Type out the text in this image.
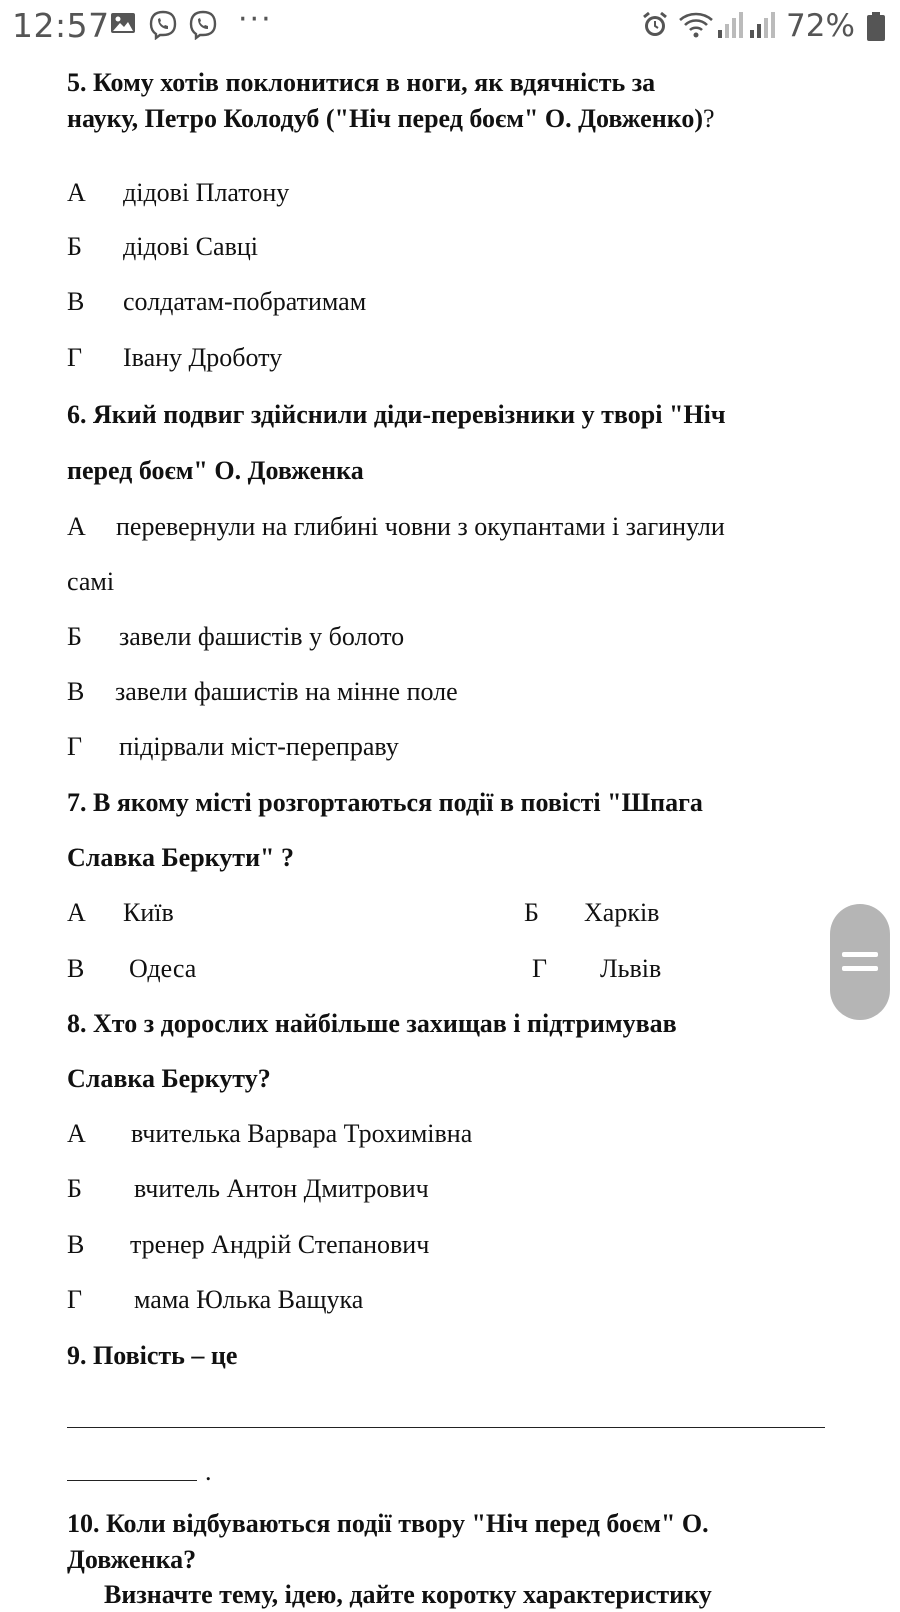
12:57	···	72%
5. Кому хотів поклонитися в ноги, як вдячність за
науку, Петро Колодуб ("Ніч перед боєм" О. Довженко)?
А дідові Платону
Б дідові Савці
В солдатам-побратимам
Г Івану Дроботу
6. Який подвиг здійснили діди-перевізники у творі "Ніч
перед боєм" О. Довженка
А перевернули на глибині човни з окупантами і загинули
самі
Б завели фашистів у болото
В завели фашистів на мінне поле
Г підірвали міст-переправу
7. В якому місті розгортаються події в повісті "Шпага
Славка Беркути" ?
А Київ	Б Харків
В Одеса	Г Львів
8. Хто з дорослих найбільше захищав і підтримував
Славка Беркуту?
А вчителька Варвара Трохимівна
Б вчитель Антон Дмитрович
В тренер Андрій Степанович
Г мама Юлька Ващука
9. Повість – це
.
10. Коли відбуваються події твору "Ніч перед боєм" О.
Довженка?
Визначте тему, ідею, дайте коротку характеристику
